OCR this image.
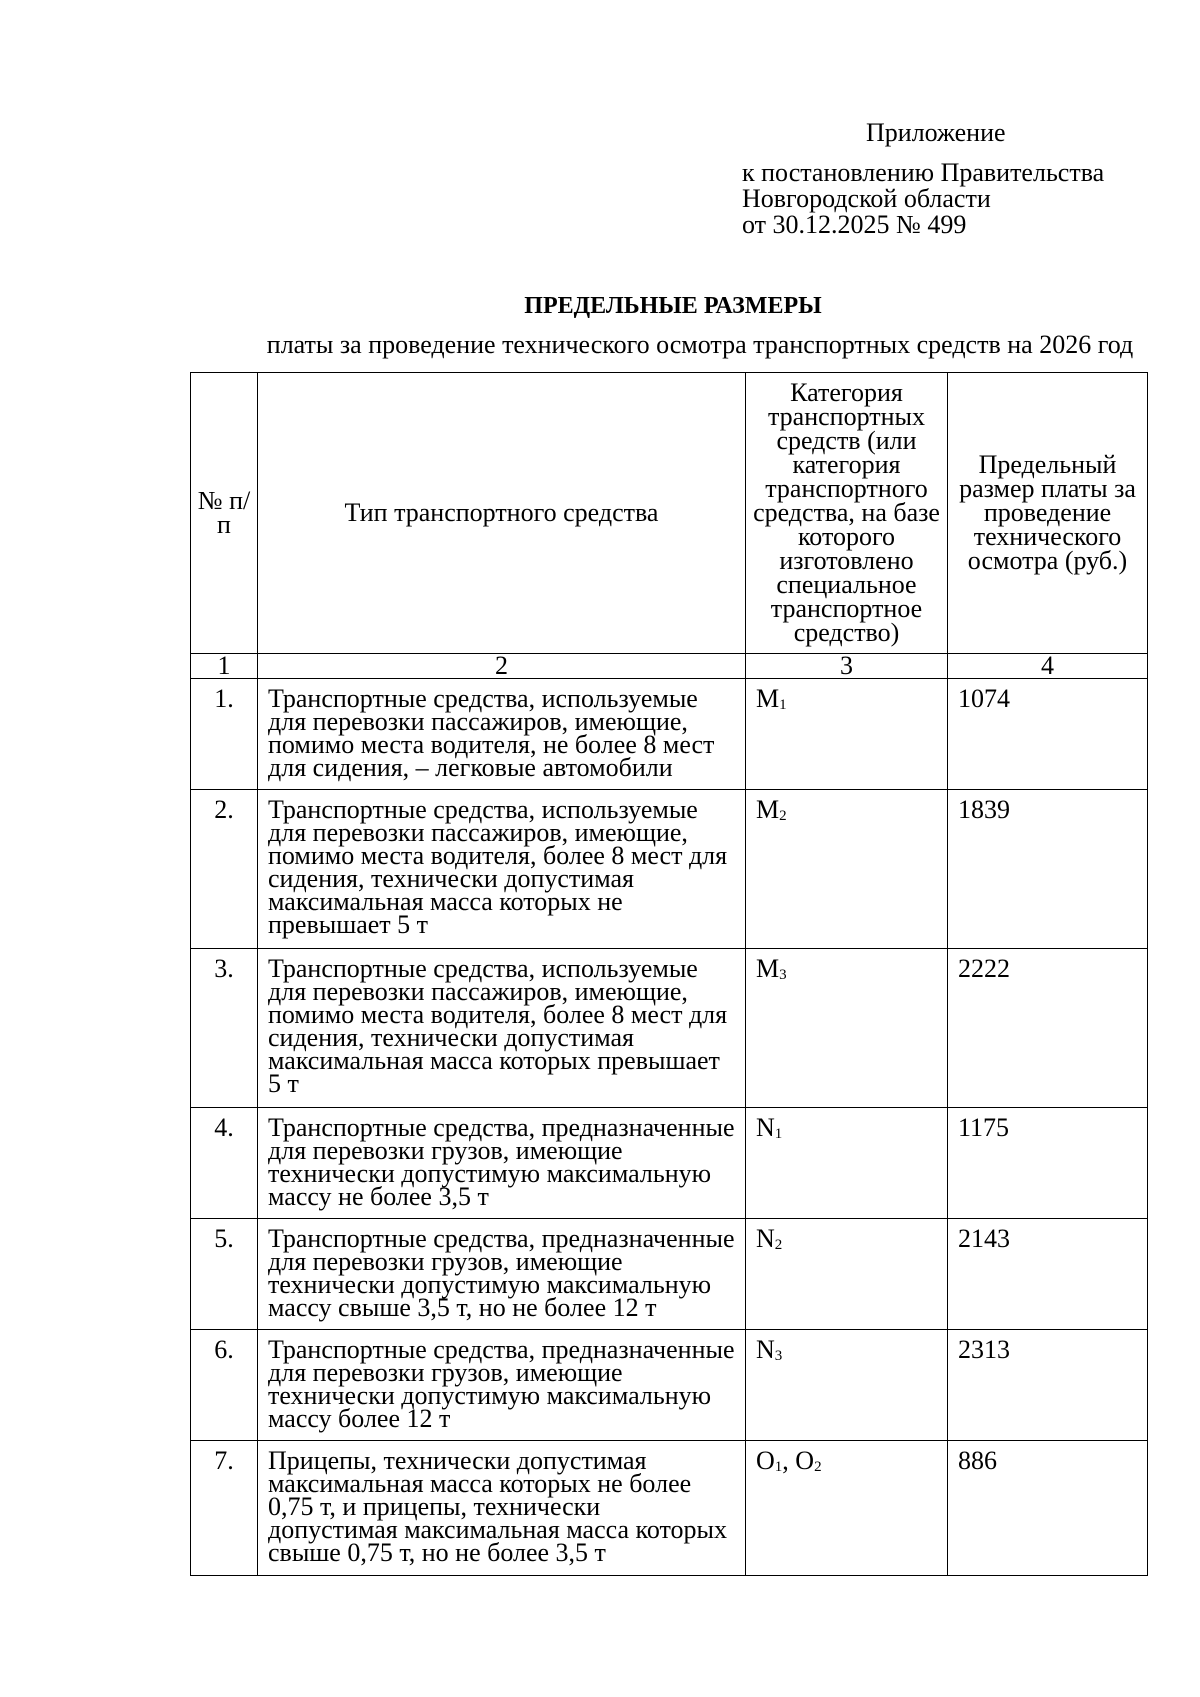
Приложение
к постановлению Правительства
Новгородской области
от 30.12.2025 № 499
ПРЕДЕЛЬНЫЕ РАЗМЕРЫ
платы за проведение технического осмотра транспортных средств на 2026 год
№ п/п	Тип транспортного средства	Категория транспортных средств (или категория транспортного средства, на базе которого изготовлено специальное транспортное средство)	Предельный размер платы за проведение технического осмотра (руб.)
1	2	3	4
1.	Транспортные средства, используемые для перевозки пассажиров, имеющие, помимо места водителя, не более 8 мест для сидения, – легковые автомобили	$M_1$	1074
2.	Транспортные средства, используемые для перевозки пассажиров, имеющие, помимо места водителя, более 8 мест для сидения, технически допустимая максимальная масса которых не превышает 5 т	$M_2$	1839
3.	Транспортные средства, используемые для перевозки пассажиров, имеющие, помимо места водителя, более 8 мест для сидения, технически допустимая максимальная масса которых превышает 5 т	$M_3$	2222
4.	Транспортные средства, предназначенные для перевозки грузов, имеющие технически допустимую максимальную массу не более 3,5 т	$N_1$	1175
5.	Транспортные средства, предназначенные для перевозки грузов, имеющие технически допустимую максимальную массу свыше 3,5 т, но не более 12 т	$N_2$	2143
6.	Транспортные средства, предназначенные для перевозки грузов, имеющие технически допустимую максимальную массу более 12 т	$N_3$	2313
7.	Прицепы, технически допустимая максимальная масса которых не более 0,75 т, и прицепы, технически допустимая максимальная масса которых свыше 0,75 т, но не более 3,5 т	$O_1$, $O_2$	886
